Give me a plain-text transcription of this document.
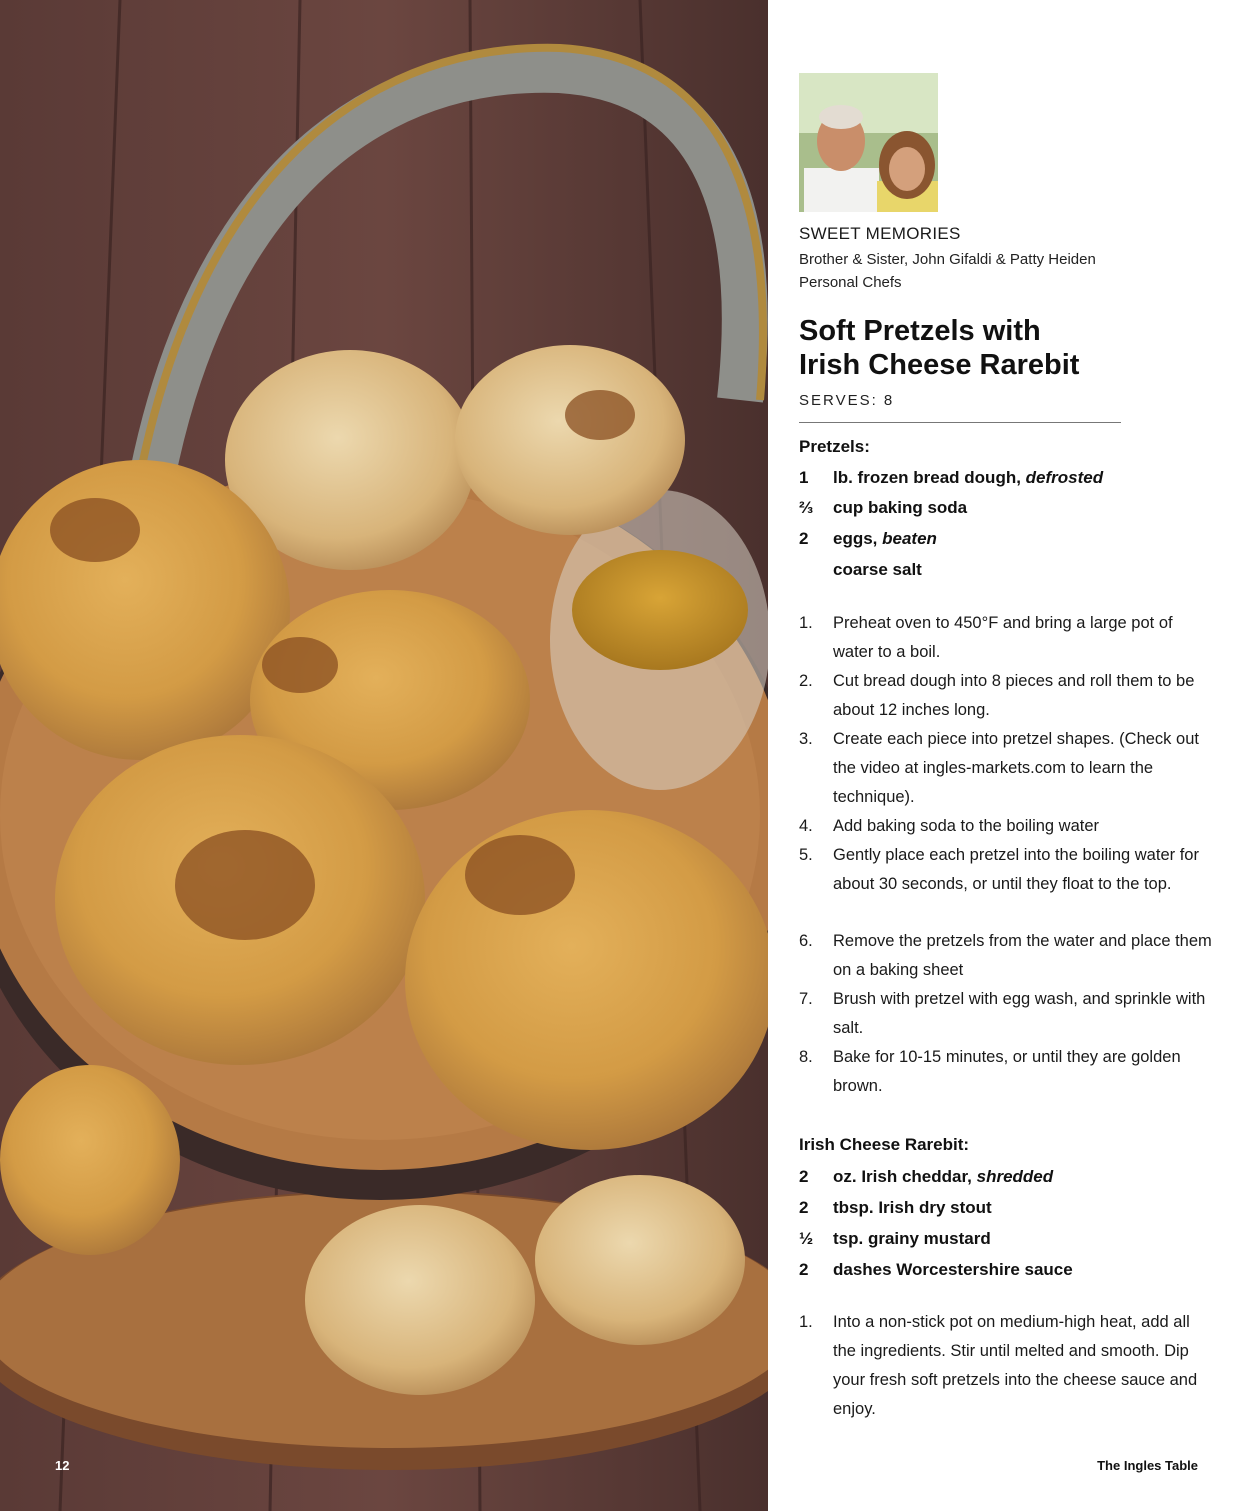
SWEET MEMORIES
Brother & Sister, John Gifaldi & Patty Heiden
Personal Chefs
Soft Pretzels with
Irish Cheese Rarebit
SERVES: 8
Pretzels:
1	lb. frozen bread dough, defrosted
⅔	cup baking soda
2	eggs, beaten
coarse salt
1. Preheat oven to 450°F and bring a large pot of water to a boil.
2. Cut bread dough into 8 pieces and roll them to be about 12 inches long.
3. Create each piece into pretzel shapes. (Check out the video at ingles-markets.com to learn the technique).
4. Add baking soda to the boiling water
5. Gently place each pretzel into the boiling water for about 30 seconds, or until they float to the top.
6. Remove the pretzels from the water and place them on a baking sheet
7. Brush with pretzel with egg wash, and sprinkle with salt.
8. Bake for 10-15 minutes, or until they are golden brown.
Irish Cheese Rarebit:
2	oz. Irish cheddar, shredded
2	tbsp. Irish dry stout
½	tsp. grainy mustard
2	dashes Worcestershire sauce
1. Into a non-stick pot on medium-high heat, add all the ingredients. Stir until melted and smooth. Dip your fresh soft pretzels into the cheese sauce and enjoy.
12	The Ingles Table
